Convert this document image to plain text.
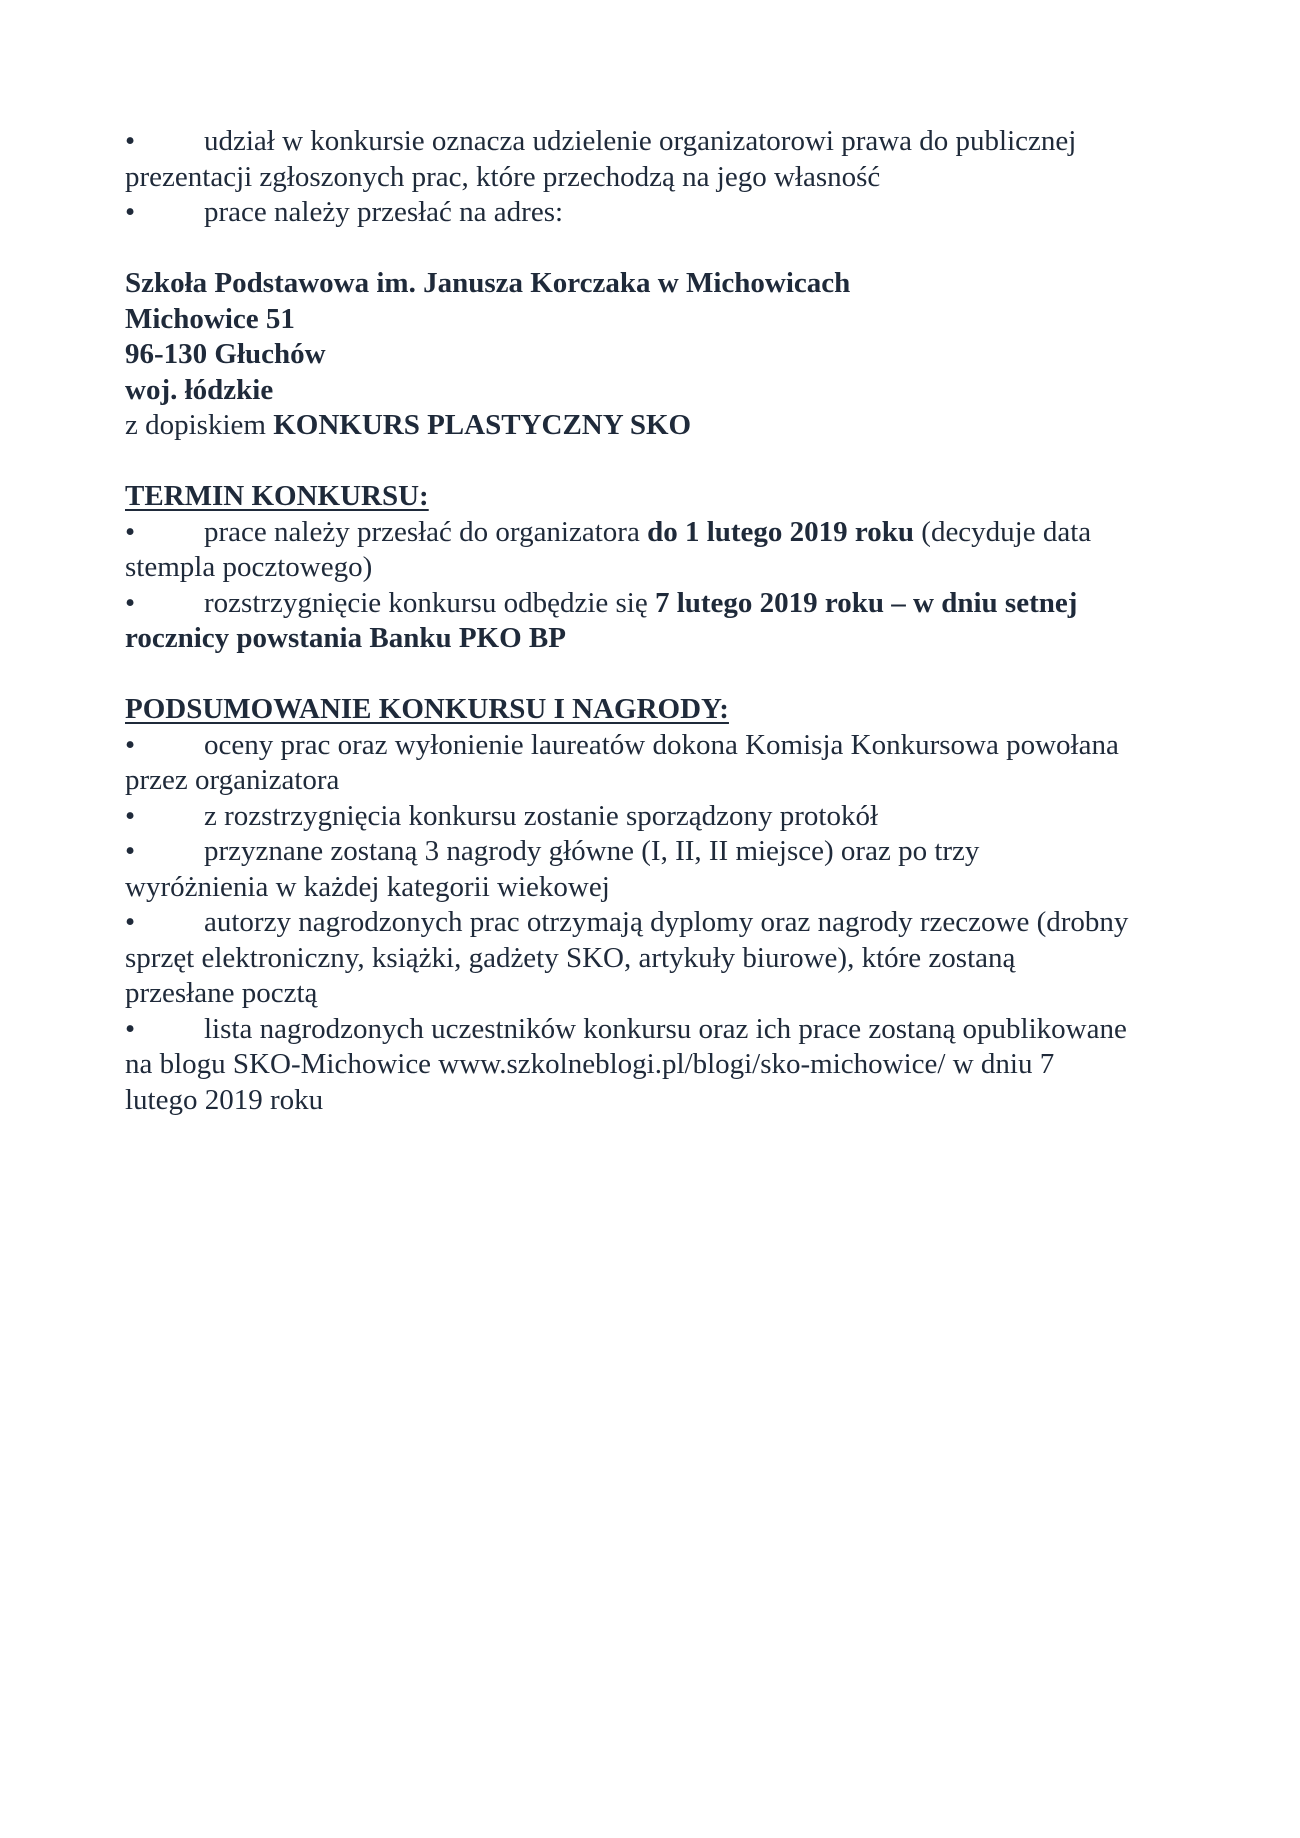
• udział w konkursie oznacza udzielenie organizatorowi prawa do publicznej
prezentacji zgłoszonych prac, które przechodzą na jego własność
• prace należy przesłać na adres:
Szkoła Podstawowa im. Janusza Korczaka w Michowicach
Michowice 51
96-130 Głuchów
woj. łódzkie
z dopiskiem KONKURS PLASTYCZNY SKO
TERMIN KONKURSU:
• prace należy przesłać do organizatora do 1 lutego 2019 roku (decyduje data
stempla pocztowego)
• rozstrzygnięcie konkursu odbędzie się 7 lutego 2019 roku – w dniu setnej
rocznicy powstania Banku PKO BP
PODSUMOWANIE KONKURSU I NAGRODY:
• oceny prac oraz wyłonienie laureatów dokona Komisja Konkursowa powołana
przez organizatora
• z rozstrzygnięcia konkursu zostanie sporządzony protokół
• przyznane zostaną 3 nagrody główne (I, II, II miejsce) oraz po trzy
wyróżnienia w każdej kategorii wiekowej
• autorzy nagrodzonych prac otrzymają dyplomy oraz nagrody rzeczowe (drobny
sprzęt elektroniczny, książki, gadżety SKO, artykuły biurowe), które zostaną
przesłane pocztą
• lista nagrodzonych uczestników konkursu oraz ich prace zostaną opublikowane
na blogu SKO-Michowice www.szkolneblogi.pl/blogi/sko-michowice/ w dniu 7
lutego 2019 roku
